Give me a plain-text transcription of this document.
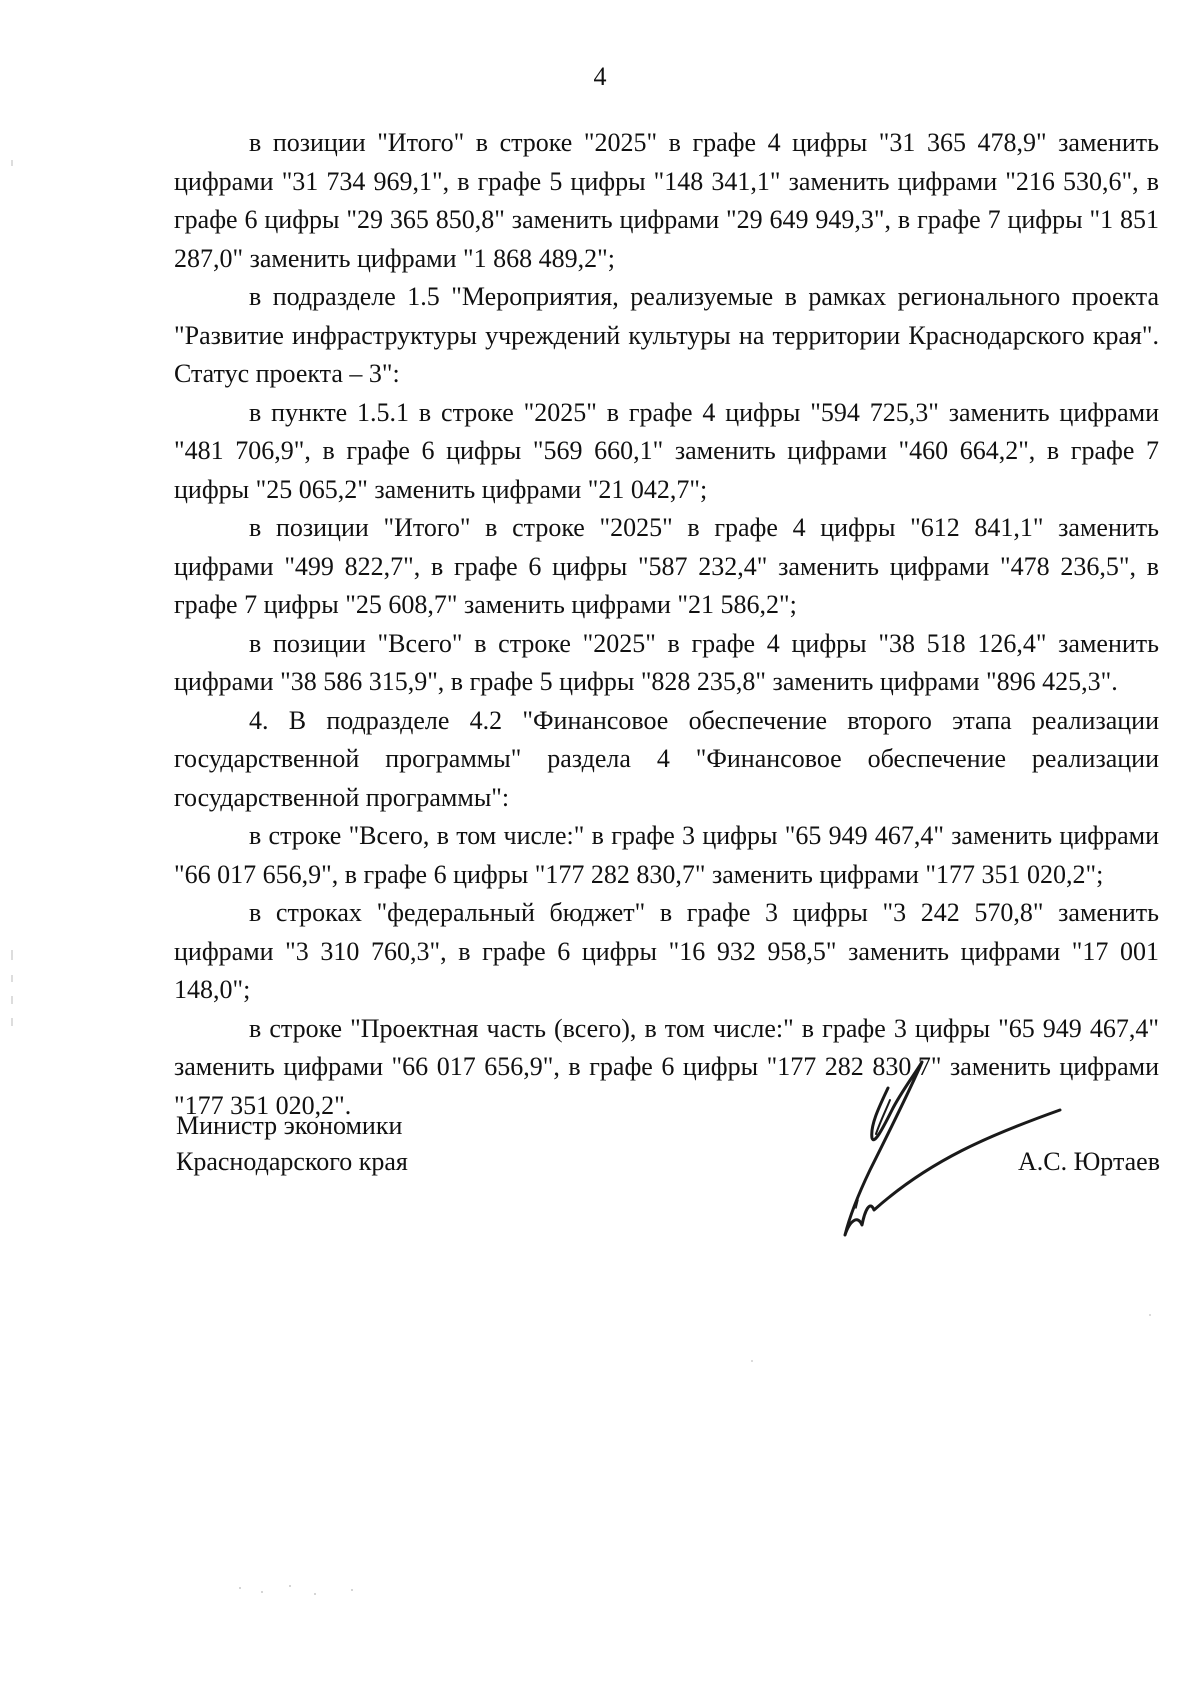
4

в позиции "Итого" в строке "2025" в графе 4 цифры "31 365 478,9" заменить цифрами "31 734 969,1", в графе 5 цифры "148 341,1" заменить цифрами "216 530,6", в графе 6 цифры "29 365 850,8" заменить цифрами "29 649 949,3", в графе 7 цифры "1 851 287,0" заменить цифрами "1 868 489,2";

в подразделе 1.5 "Мероприятия, реализуемые в рамках регионального проекта "Развитие инфраструктуры учреждений культуры на территории Краснодарского края". Статус проекта – 3":

в пункте 1.5.1 в строке "2025" в графе 4 цифры "594 725,3" заменить цифрами "481 706,9", в графе 6 цифры "569 660,1" заменить цифрами "460 664,2", в графе 7 цифры "25 065,2" заменить цифрами "21 042,7";

в позиции "Итого" в строке "2025" в графе 4 цифры "612 841,1" заменить цифрами "499 822,7", в графе 6 цифры "587 232,4" заменить цифрами "478 236,5", в графе 7 цифры "25 608,7" заменить цифрами "21 586,2";

в позиции "Всего" в строке "2025" в графе 4 цифры "38 518 126,4" заменить цифрами "38 586 315,9", в графе 5 цифры "828 235,8" заменить цифрами "896 425,3".

4. В подразделе 4.2 "Финансовое обеспечение второго этапа реализации государственной программы" раздела 4 "Финансовое обеспечение реализации государственной программы":

в строке "Всего, в том числе:" в графе 3 цифры "65 949 467,4" заменить цифрами "66 017 656,9", в графе 6 цифры "177 282 830,7" заменить цифрами "177 351 020,2";

в строках "федеральный бюджет" в графе 3 цифры "3 242 570,8" заменить цифрами "3 310 760,3", в графе 6 цифры "16 932 958,5" заменить цифрами "17 001 148,0";

в строке "Проектная часть (всего), в том числе:" в графе 3 цифры "65 949 467,4" заменить цифрами "66 017 656,9", в графе 6 цифры "177 282 830,7" заменить цифрами "177 351 020,2".

Министр экономики
Краснодарского края	А.С. Юртаев
